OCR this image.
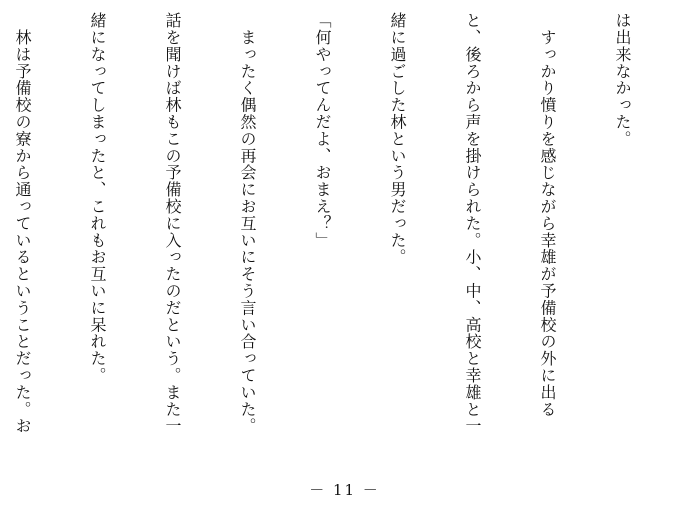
は出来なかった。

　すっかり憤りを感じながら幸雄が予備校の外に出る

と、後ろから声を掛けられた。小、中、高校と幸雄と一

緒に過ごした林という男だった。

「何やってんだよ、おまえ？」

　まったく偶然の再会にお互いにそう言い合っていた。

話を聞けば林もこの予備校に入ったのだという。また一

緒になってしまったと、これもお互いに呆れた。

　林は予備校の寮から通っているということだった。お

－ 11 －
